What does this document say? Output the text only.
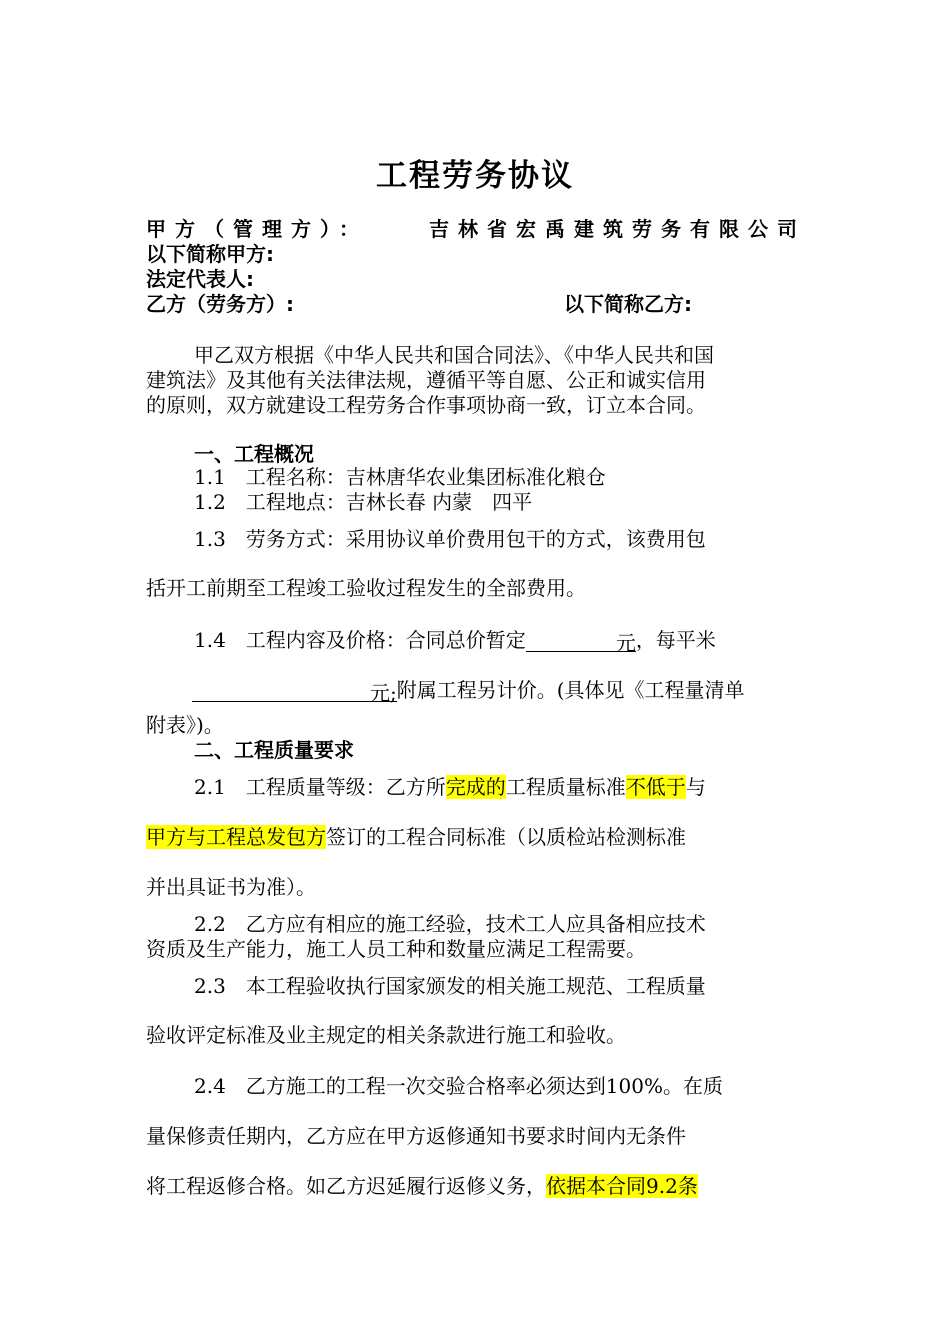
工程劳务协议
甲方（管理方）：	吉林省宏禹建筑劳务有限公司
以下简称甲方:
法定代表人:
乙方（劳务方）:	以下简称乙方:
甲乙双方根据《中华人民共和国合同法》、《中华人民共和国
建筑法》及其他有关法律法规，遵循平等自愿、公正和诚实信用
的原则，双方就建设工程劳务合作事项协商一致，订立本合同。
一、工程概况
1.1　工程名称：吉林唐华农业集团标准化粮仓
1.2　工程地点：吉林长春 内蒙　四平
1.3　劳务方式：采用协议单价费用包干的方式，该费用包
括开工前期至工程竣工验收过程发生的全部费用。
1.4　工程内容及价格：合同总价暂定	元，每平米
元;附属工程另计价。(具体见《工程量清单
附表》)。
二、工程质量要求
2.1　工程质量等级：乙方所完成的工程质量标准不低于与
甲方与工程总发包方签订的工程合同标准（以质检站检测标准
并出具证书为准）。
2.2　乙方应有相应的施工经验，技术工人应具备相应技术
资质及生产能力，施工人员工种和数量应满足工程需要。
2.3　本工程验收执行国家颁发的相关施工规范、工程质量
验收评定标准及业主规定的相关条款进行施工和验收。
2.4　乙方施工的工程一次交验合格率必须达到100%。在质
量保修责任期内，乙方应在甲方返修通知书要求时间内无条件
将工程返修合格。如乙方迟延履行返修义务，依据本合同9.2条
